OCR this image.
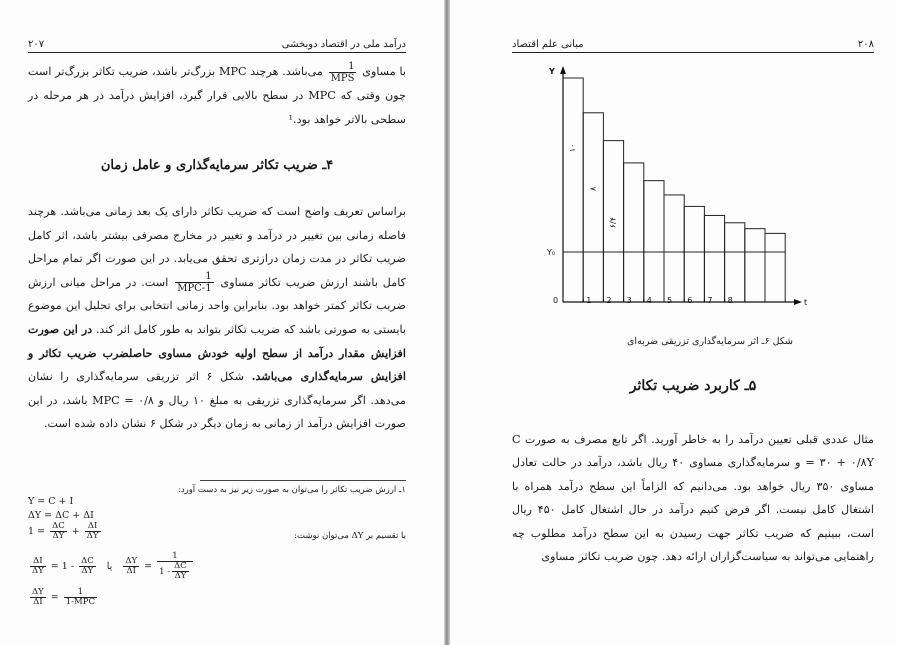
۲۰۷	درآمد ملی در اقتصاد دوبخشی
با مساوی
$\frac{1}{\text{MPS}}$
می‌باشد. هرچند MPC بزرگ‌تر باشد، ضریب تکاثر بزرگ‌تر است چون وقتی که MPC در سطح بالایی قرار گیرد، افزایش درآمد در هر مرحله در سطحی بالاتر خواهد بود.¹
۴ـ ضریب تکاثر سرمایه‌گذاری و عامل زمان
براساس تعریف واضح است که ضریب تکاثر دارای یک بعد زمانی می‌باشد. هرچند فاصله زمانی بین تغییر در درآمد و تغییر در مخارج مصرفی بیشتر باشد، اثر کامل ضریب تکاثر در مدت زمان درازتری تحقق می‌یابد. در این صورت اگر تمام مراحل کامل باشند ارزش ضریب تکاثر مساوی
$\frac{1}{\text{1-MPC}}$
است. در مراحل میانی ارزش ضریب تکاثر کمتر خواهد بود. بنابراین واحد زمانی انتخابی برای تحلیل این موضوع بایستی به صورتی باشد که ضریب تکاثر بتواند به طور کامل اثر کند. در این صورت افزایش مقدار درآمد از سطح اولیه خودش مساوی حاصلضرب ضریب تکاثر و افزایش سرمایه‌گذاری می‌باشد. شکل ۶ اثر تزریقی سرمایه‌گذاری را نشان می‌دهد. اگر سرمایه‌گذاری تزریقی به مبلغ ۱۰ ریال و ۰/۸ = MPC باشد، در این صورت افزایش درآمد از زمانی به زمان دیگر در شکل ۶ نشان داده شده است.
۱ـ ارزش ضریب تکاثر را می‌توان به صورت زیر نیز به دست آورد:
Y = C + I
ΔY = ΔC + ΔI
$1 = \frac{\Delta C}{\Delta Y} + \frac{\Delta I}{\Delta Y}$	با تقسیم بر ΔY می‌توان نوشت:
$\frac{\Delta I}{\Delta Y} = 1 - \frac{\Delta C}{\Delta Y}$ یا $\frac{\Delta Y}{\Delta I} = \frac{1}{1 - \frac{\Delta C}{\Delta Y}}$
$\frac{\Delta Y}{\Delta I} = \frac{1}{\text{1-MPC}}$
مبانی علم اقتصاد	۲۰۸
Y₀
Y
t
0	1 2 3 4 5 6 7 8
۱۰
۸
۶/۴
شکل ۶ـ اثر سرمایه‌گذاری تزریقی ضربه‌ای
۵ـ کاربرد ضریب تکاثر
مثال عددی قبلی تعیین درآمد را به خاطر آورید. اگر تابع مصرف به صورت C = ۳۰ + ۰/۸Y و سرمایه‌گذاری مساوی ۴۰ ریال باشد، درآمد در حالت تعادل مساوی ۳۵۰ ریال خواهد بود. می‌دانیم که الزاماً این سطح درآمد همراه با اشتغال کامل نیست. اگر فرض کنیم درآمد در حال اشتغال کامل ۴۵۰ ریال است، ببینیم که ضریب تکاثر جهت رسیدن به این سطح درآمد مطلوب چه راهنمایی می‌تواند به سیاست‌گزاران ارائه دهد. چون ضریب تکاثر مساوی
